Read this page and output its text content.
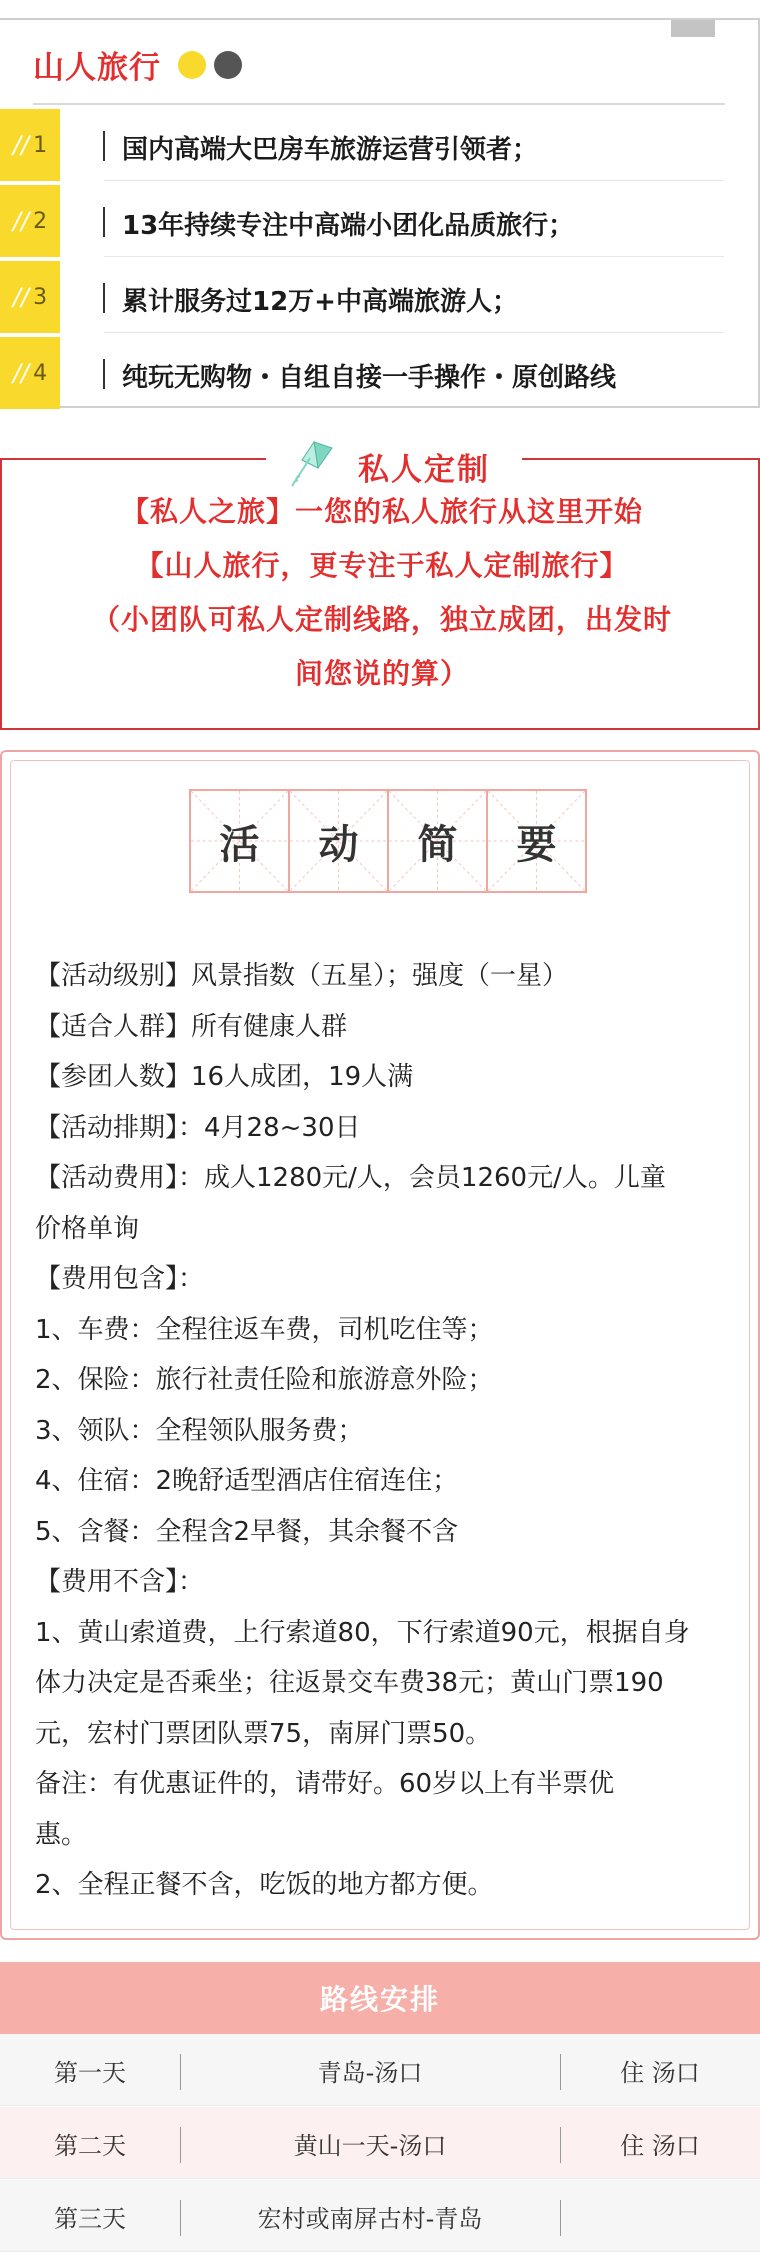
山人旅行
// 1	国内高端大巴房车旅游运营引领者；
// 2	13年持续专注中高端小团化品质旅行；
// 3	累计服务过12万+中高端旅游人；
// 4	纯玩无购物・自组自接一手操作・原创路线
私人定制
【私人之旅】一您的私人旅行从这里开始
【山人旅行，更专注于私人定制旅行】
（小团队可私人定制线路，独立成团，出发时
间您说的算）
活 动 简 要

【活动级别】风景指数（五星）；强度（一星）

【适合人群】所有健康人群

【参团人数】16人成团，19人满

【活动排期】：4月28~30日

【活动费用】：成人1280元/人，会员1260元/人。儿童

价格单询

【费用包含】：

1、车费：全程往返车费，司机吃住等；

2、保险：旅行社责任险和旅游意外险；

3、领队：全程领队服务费；

4、住宿：2晚舒适型酒店住宿连住；

5、含餐：全程含2早餐，其余餐不含

【费用不含】：

1、黄山索道费，上行索道80，下行索道90元，根据自身

体力决定是否乘坐；往返景交车费38元；黄山门票190

元，宏村门票团队票75，南屏门票50。

备注：有优惠证件的，请带好。60岁以上有半票优

惠。

2、全程正餐不含，吃饭的地方都方便。

路线安排
第一天	青岛-汤口	住 汤口
第二天	黄山一天-汤口	住 汤口
第三天	宏村或南屏古村-青岛
